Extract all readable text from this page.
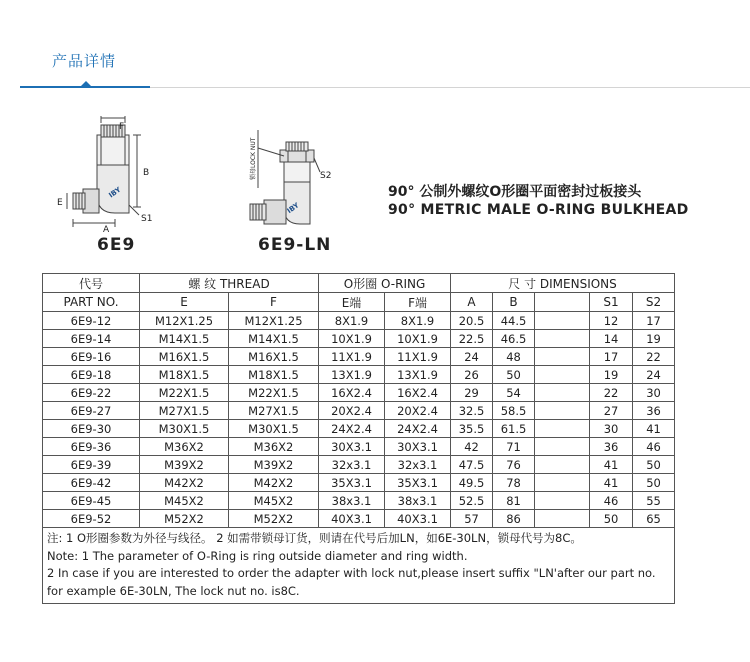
产品详情
IBY
F
B
E
A
S1
6E9
IBY
锁母LOCK NUT	S2
6E9-LN
90° 公制外螺纹O形圈平面密封过板接头
90° METRIC MALE O-RING BULKHEAD
代号	螺 纹 THREAD		O形圈 O-RING		尺 寸 DIMENSIONS				
PART NO.	E	F	E端	F端	A	B		S1	S2
6E9-12	M12X1.25	M12X1.25	8X1.9	8X1.9	20.5	44.5		12	17
6E9-14	M14X1.5	M14X1.5	10X1.9	10X1.9	22.5	46.5		14	19
6E9-16	M16X1.5	M16X1.5	11X1.9	11X1.9	24	48		17	22
6E9-18	M18X1.5	M18X1.5	13X1.9	13X1.9	26	50		19	24
6E9-22	M22X1.5	M22X1.5	16X2.4	16X2.4	29	54		22	30
6E9-27	M27X1.5	M27X1.5	20X2.4	20X2.4	32.5	58.5		27	36
6E9-30	M30X1.5	M30X1.5	24X2.4	24X2.4	35.5	61.5		30	41
6E9-36	M36X2	M36X2	30X3.1	30X3.1	42	71		36	46
6E9-39	M39X2	M39X2	32x3.1	32x3.1	47.5	76		41	50
6E9-42	M42X2	M42X2	35X3.1	35X3.1	49.5	78		41	50
6E9-45	M45X2	M45X2	38x3.1	38x3.1	52.5	81		46	55
6E9-52	M52X2	M52X2	40X3.1	40X3.1	57	86		50	65

注: 1 O形圈参数为外径与线径。 2 如需带锁母订货，则请在代号后加LN，如6E-30LN，锁母代号为8C。
Note: 1 The parameter of O-Ring is ring outside diameter and ring width.
2 In case if you are interested to order the adapter with lock nut,please insert suffix "LN'after our part no.
for example 6E-30LN, The lock nut no. is8C.									
